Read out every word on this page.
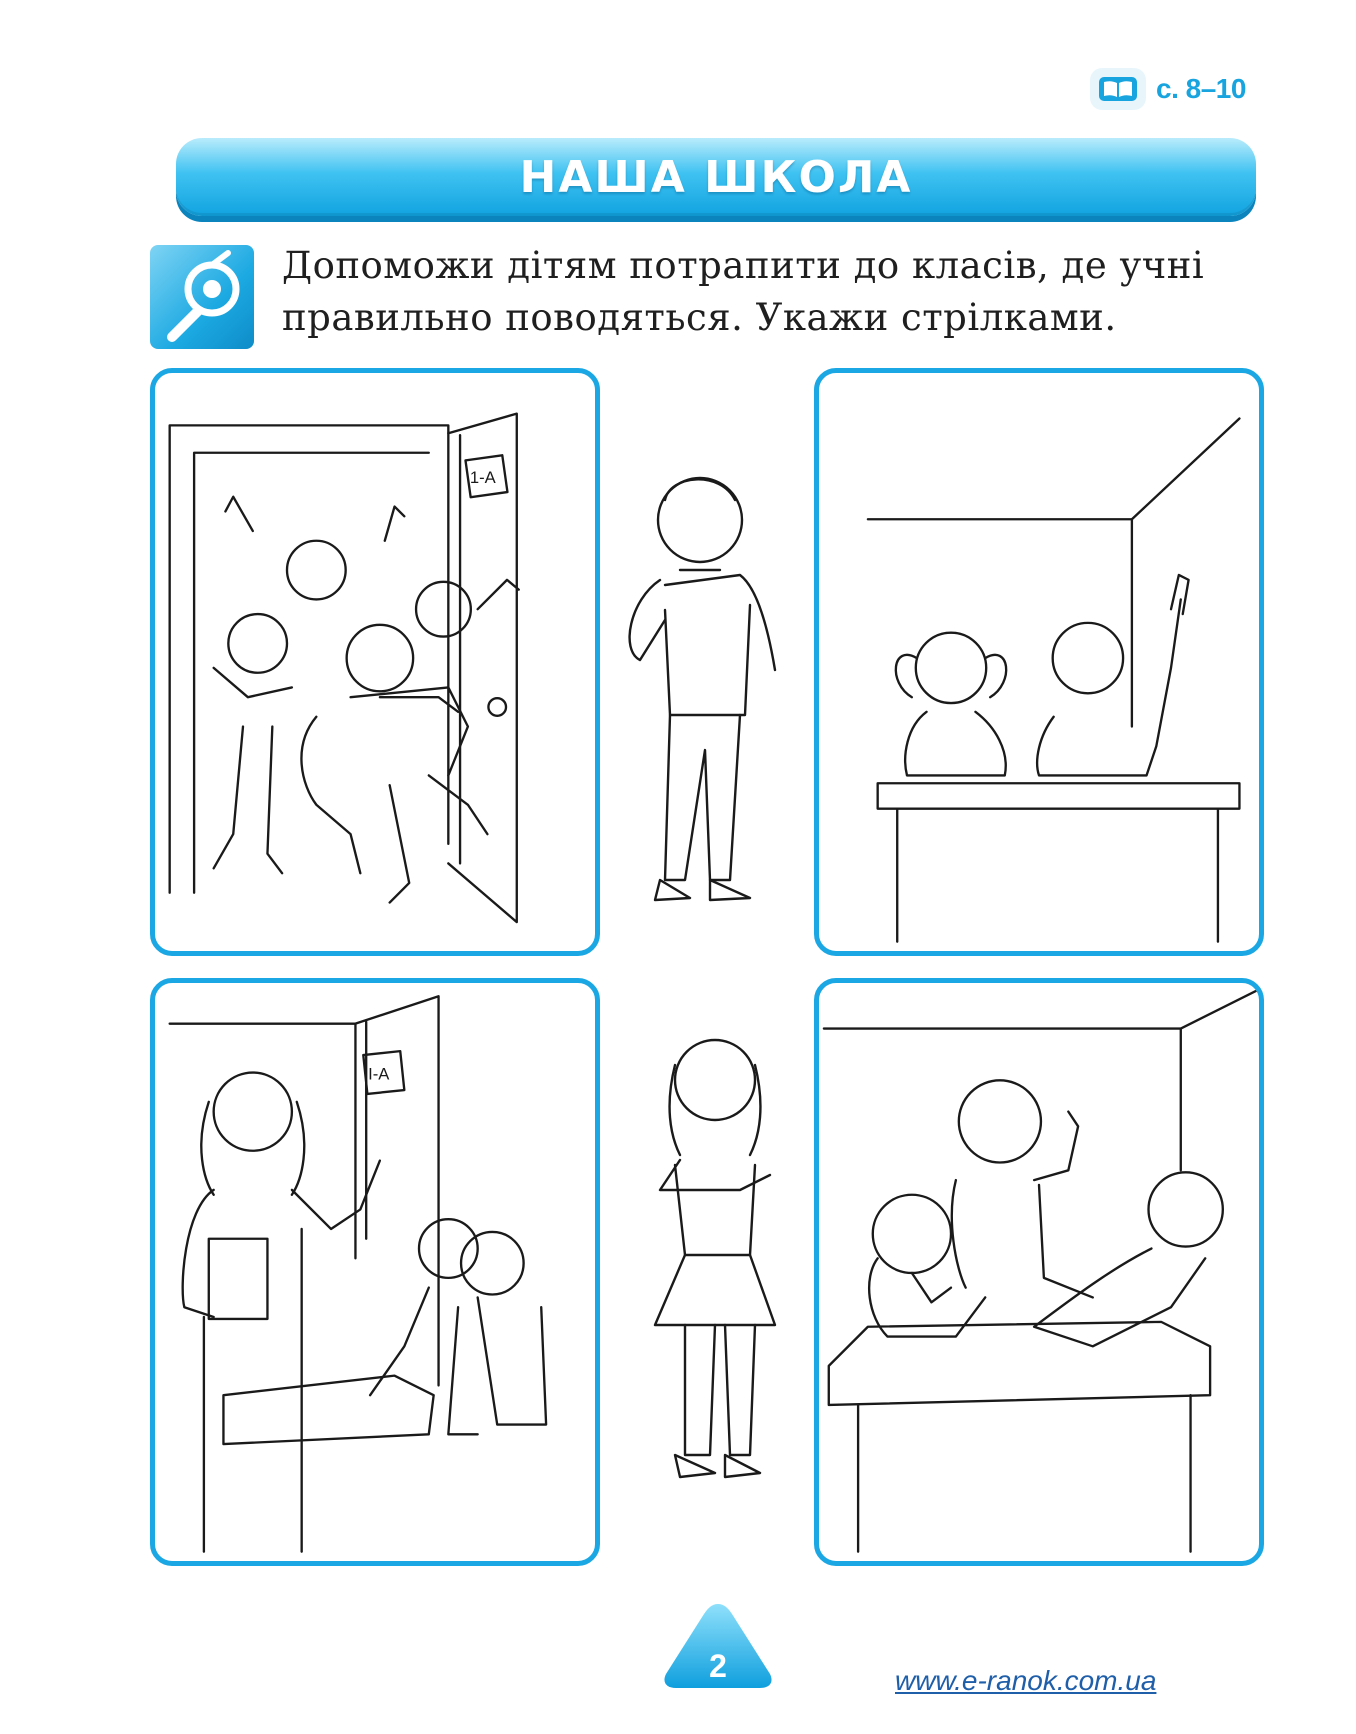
с. 8–10
НАША ШКОЛА
Допоможи дітям потрапити до класів, де учні правильно поводяться. Укажи стрілками.
1-А
І-А
2	www.e-ranok.com.ua
